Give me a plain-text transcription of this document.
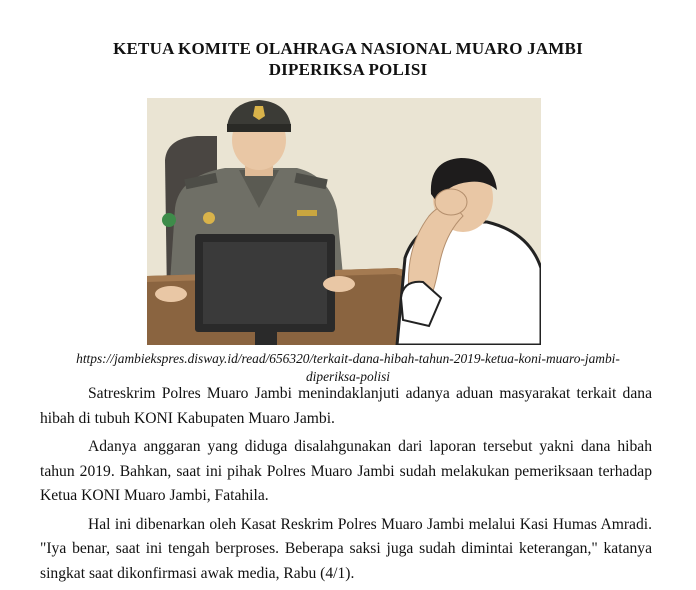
KETUA KOMITE OLAHRAGA NASIONAL MUARO JAMBI
DIPERIKSA POLISI
https://jambiekspres.disway.id/read/656320/terkait-dana-hibah-tahun-2019-ketua-koni-muaro-jambi-
diperiksa-polisi

Satreskrim Polres Muaro Jambi menindaklanjuti adanya aduan masyarakat terkait dana hibah di tubuh KONI Kabupaten Muaro Jambi.

Adanya anggaran yang diduga disalahgunakan dari laporan tersebut yakni dana hibah tahun 2019. Bahkan, saat ini pihak Polres Muaro Jambi sudah melakukan pemeriksaan terhadap Ketua KONI Muaro Jambi, Fatahila.

Hal ini dibenarkan oleh Kasat Reskrim Polres Muaro Jambi melalui Kasi Humas Amradi. "Iya benar, saat ini tengah berproses. Beberapa saksi juga sudah dimintai keterangan," katanya singkat saat dikonfirmasi awak media, Rabu (4/1).
